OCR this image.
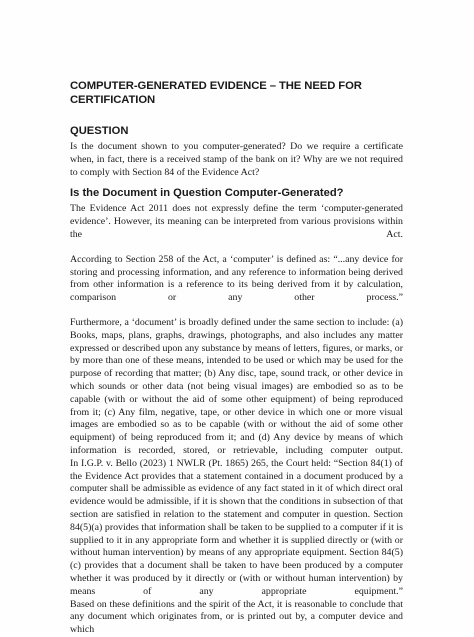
COMPUTER-GENERATED EVIDENCE – THE NEED FOR CERTIFICATION
QUESTION

Is the document shown to you computer-generated? Do we require a certificate when, in fact, there is a received stamp of the bank on it? Why are we not required to comply with Section 84 of the Evidence Act?

Is the Document in Question Computer-Generated?

The Evidence Act 2011 does not expressly define the term ‘computer-generated evidence’. However, its meaning can be interpreted from various provisions within the Act.

According to Section 258 of the Act, a ‘computer’ is defined as: “...any device for storing and processing information, and any reference to information being derived from other information is a reference to its being derived from it by calculation, comparison or any other process.”

Furthermore, a ‘document’ is broadly defined under the same section to include: (a) Books, maps, plans, graphs, drawings, photographs, and also includes any matter expressed or described upon any substance by means of letters, figures, or marks, or by more than one of these means, intended to be used or which may be used for the purpose of recording that matter; (b) Any disc, tape, sound track, or other device in which sounds or other data (not being visual images) are embodied so as to be capable (with or without the aid of some other equipment) of being reproduced from it; (c) Any film, negative, tape, or other device in which one or more visual images are embodied so as to be capable (with or without the aid of some other equipment) of being reproduced from it; and (d) Any device by means of which information is recorded, stored, or retrievable, including computer output.

In I.G.P. v. Bello (2023) 1 NWLR (Pt. 1865) 265, the Court held: “Section 84(1) of the Evidence Act provides that a statement contained in a document produced by a computer shall be admissible as evidence of any fact stated in it of which direct oral evidence would be admissible, if it is shown that the conditions in subsection of that section are satisfied in relation to the statement and computer in question. Section 84(5)(a) provides that information shall be taken to be supplied to a computer if it is supplied to it in any appropriate form and whether it is supplied directly or (with or without human intervention) by means of any appropriate equipment. Section 84(5)(c) provides that a document shall be taken to have been produced by a computer whether it was produced by it directly or (with or without human intervention) by means of any appropriate equipment.”

Based on these definitions and the spirit of the Act, it is reasonable to conclude that any document which originates from, or is printed out by, a computer device and which
